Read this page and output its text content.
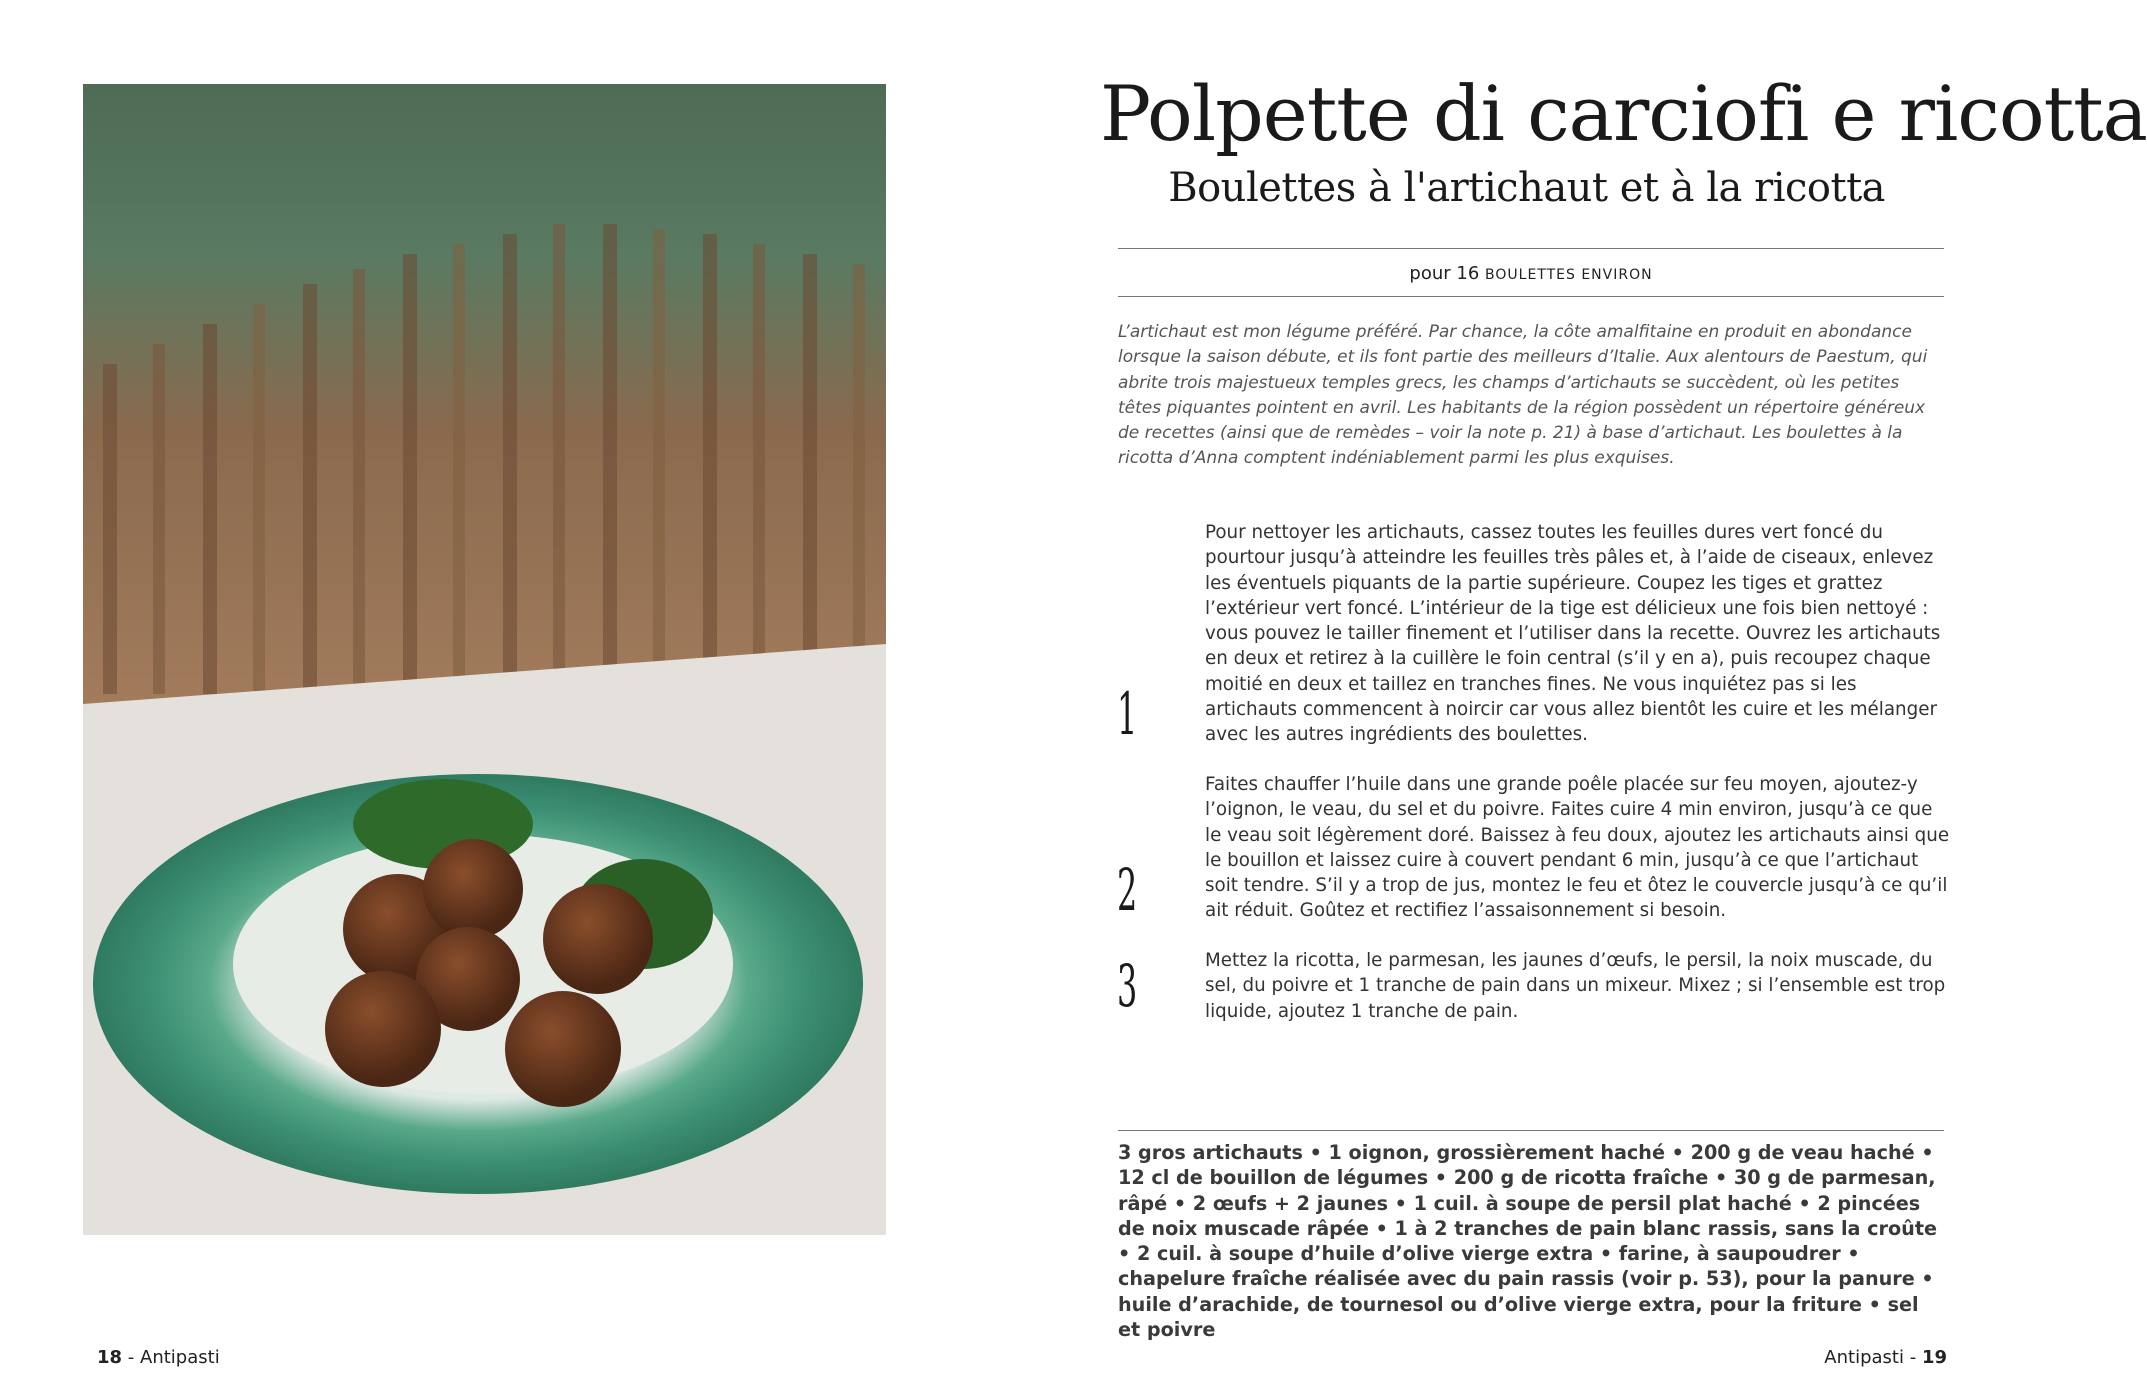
18 - Antipasti
Polpette di carciofi e ricotta
Boulettes à l'artichaut et à la ricotta
pour 16 BOULETTES ENVIRON
L’artichaut est mon légume préféré. Par chance, la côte amalfitaine en produit en abondance lorsque la saison débute, et ils font partie des meilleurs d’Italie. Aux alentours de Paestum, qui abrite trois majestueux temples grecs, les champs d’artichauts se succèdent, où les petites têtes piquantes pointent en avril. Les habitants de la région possèdent un répertoire généreux de recettes (ainsi que de remèdes – voir la note p. 21) à base d’artichaut. Les boulettes à la ricotta d’Anna comptent indéniablement parmi les plus exquises.
1
Pour nettoyer les artichauts, cassez toutes les feuilles dures vert foncé du pourtour jusqu’à atteindre les feuilles très pâles et, à l’aide de ciseaux, enlevez les éventuels piquants de la partie supérieure. Coupez les tiges et grattez l’extérieur vert foncé. L’intérieur de la tige est délicieux une fois bien nettoyé : vous pouvez le tailler finement et l’utiliser dans la recette. Ouvrez les artichauts en deux et retirez à la cuillère le foin central (s’il y en a), puis recoupez chaque moitié en deux et taillez en tranches fines. Ne vous inquiétez pas si les artichauts commencent à noircir car vous allez bientôt les cuire et les mélanger avec les autres ingrédients des boulettes.
2
Faites chauffer l’huile dans une grande poêle placée sur feu moyen, ajoutez-y l’oignon, le veau, du sel et du poivre. Faites cuire 4 min environ, jusqu’à ce que le veau soit légèrement doré. Baissez à feu doux, ajoutez les artichauts ainsi que le bouillon et laissez cuire à couvert pendant 6 min, jusqu’à ce que l’artichaut soit tendre. S’il y a trop de jus, montez le feu et ôtez le couvercle jusqu’à ce qu’il ait réduit. Goûtez et rectifiez l’assaisonnement si besoin.
3	Mettez la ricotta, le parmesan, les jaunes d’œufs, le persil, la noix muscade, du sel, du poivre et 1 tranche de pain dans un mixeur. Mixez ; si l’ensemble est trop liquide, ajoutez 1 tranche de pain.
3 gros artichauts • 1 oignon, grossièrement haché • 200 g de veau haché • 12 cl de bouillon de légumes • 200 g de ricotta fraîche • 30 g de parmesan, râpé • 2 œufs + 2 jaunes • 1 cuil. à soupe de persil plat haché • 2 pincées de noix muscade râpée • 1 à 2 tranches de pain blanc rassis, sans la croûte • 2 cuil. à soupe d’huile d’olive vierge extra • farine, à saupoudrer • chapelure fraîche réalisée avec du pain rassis (voir p. 53), pour la panure • huile d’arachide, de tournesol ou d’olive vierge extra, pour la friture • sel et poivre
Antipasti - 19
